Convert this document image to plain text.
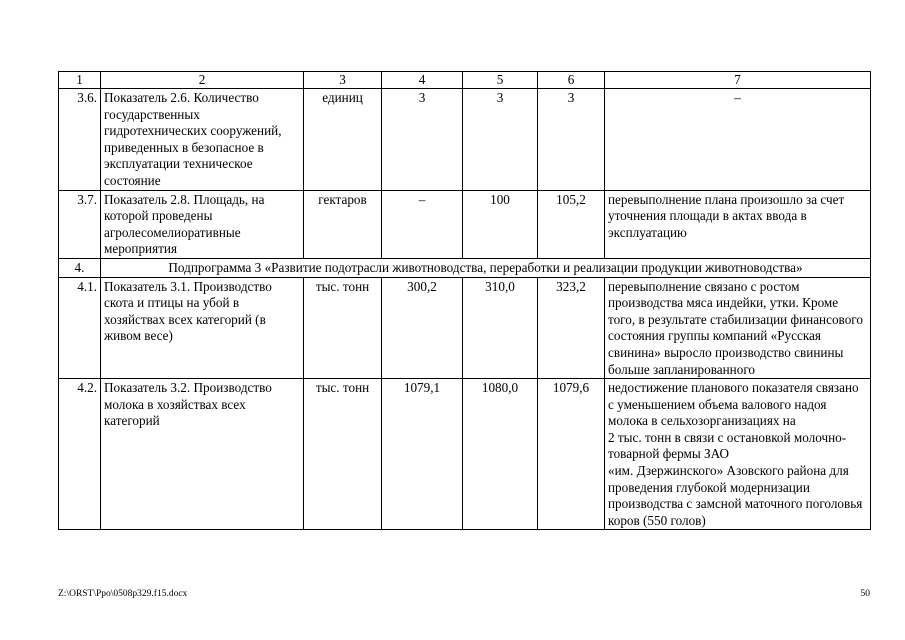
1	2	3	4	5	6	7
3.6.	Показатель 2.6. Количество государственных гидротехнических сооружений, приведенных в безопасное в эксплуатации техническое состояние	единиц	3	3	3	–
3.7.	Показатель 2.8. Площадь, на которой проведены агролесомелиоративные мероприятия	гектаров	–	100	105,2	перевыполнение плана произошло за счет уточнения площади в актах ввода в эксплуатацию
4.	Подпрограмма 3 «Развитие подотрасли животноводства, переработки и реализации продукции животноводства»					
4.1.	Показатель 3.1. Производство скота и птицы на убой в хозяйствах всех категорий (в живом весе)	тыс. тонн	300,2	310,0	323,2	перевыполнение связано с ростом производства мяса индейки, утки. Кроме того, в результате стабилизации финансового состояния группы компаний «Русская свинина» выросло производство свинины больше запланированного
4.2.	Показатель 3.2. Производство молока в хозяйствах всех категорий	тыс. тонн	1079,1	1080,0	1079,6	недостижение планового показателя связано с уменьшением объема валового надоя молока в сельхозорганизациях на
2 тыс. тонн в связи с остановкой молочно-товарной фермы ЗАО
«им. Дзержинского» Азовского района для проведения глубокой модернизации производства с замсной маточного поголовья коров (550 голов)
Z:\ORST\Ppo\0508p329.f15.docx	50
